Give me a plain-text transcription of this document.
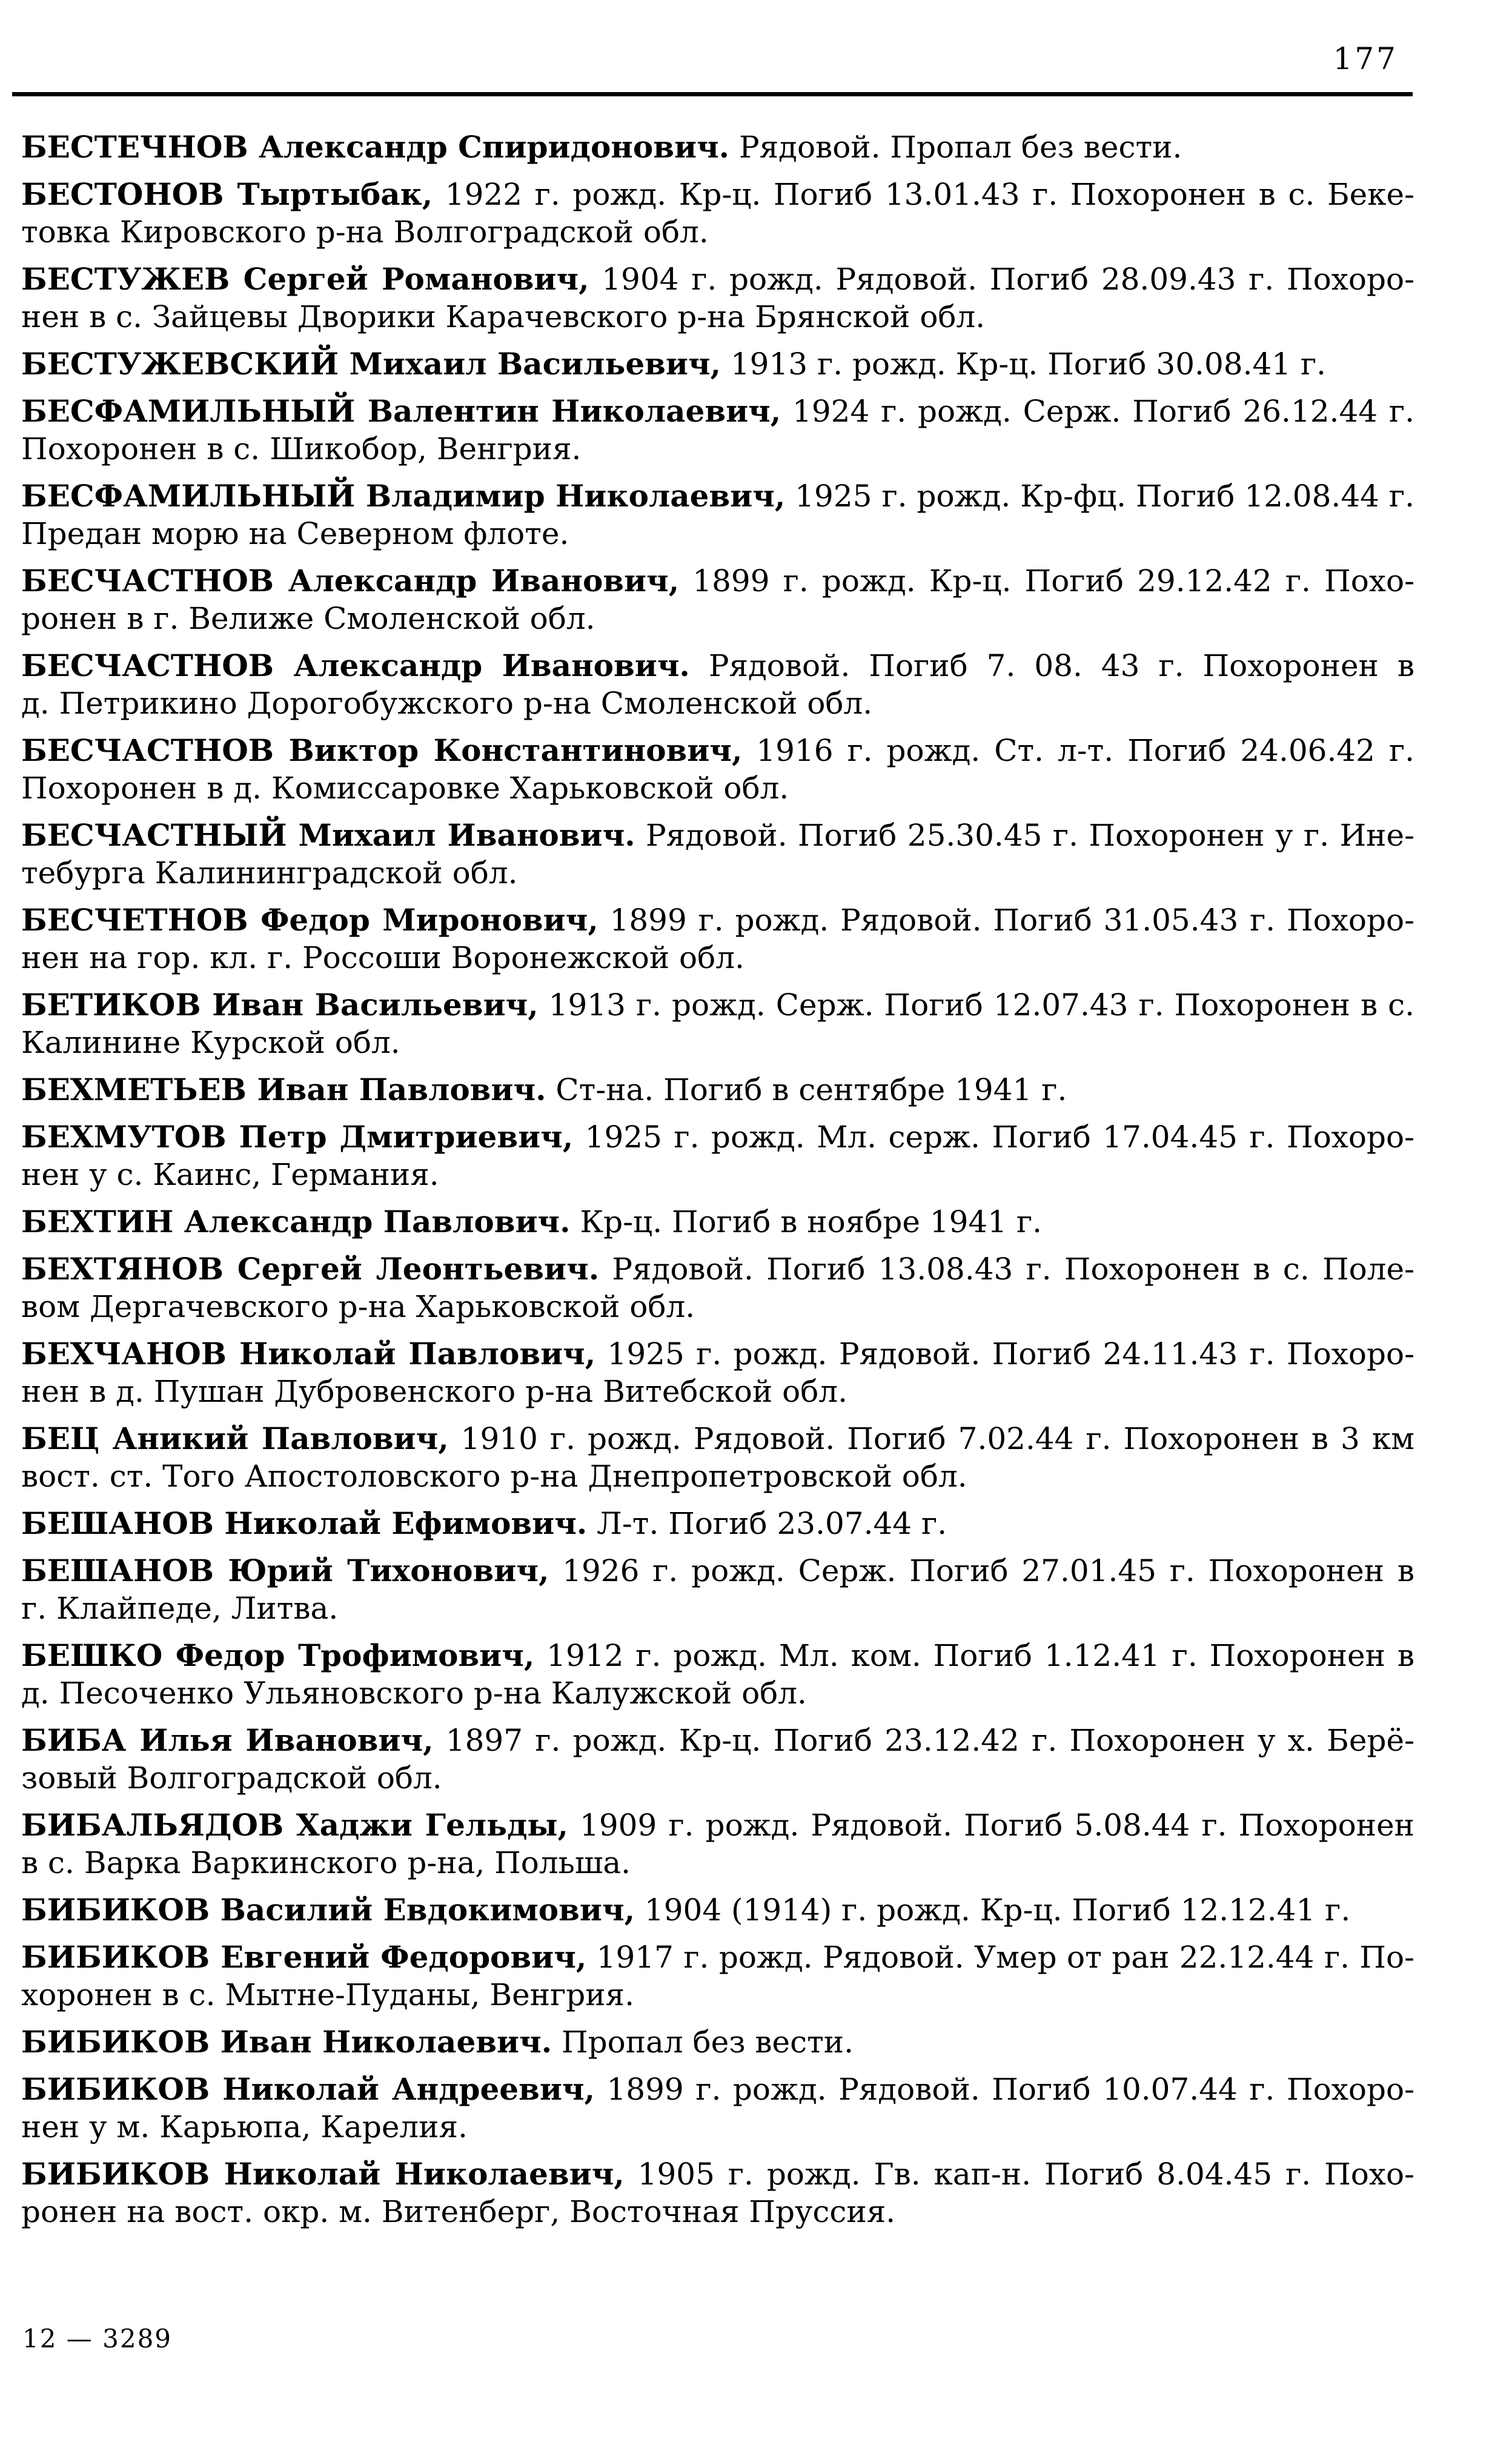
177

БЕСТЕЧНОВ Александр Спиридонович. Рядовой. Пропал без вести.

БЕСТОНОВ Тыртыбак, 1922 г. рожд. Кр-ц. Погиб 13.01.43 г. Похоронен в с. Беке-
товка Кировского р-на Волгоградской обл.

БЕСТУЖЕВ Сергей Романович, 1904 г. рожд. Рядовой. Погиб 28.09.43 г. Похоро-
нен в с. Зайцевы Дворики Карачевского р-на Брянской обл.

БЕСТУЖЕВСКИЙ Михаил Васильевич, 1913 г. рожд. Кр-ц. Погиб 30.08.41 г.

БЕСФАМИЛЬНЫЙ Валентин Николаевич, 1924 г. рожд. Серж. Погиб 26.12.44 г.
Похоронен в с. Шикобор, Венгрия.

БЕСФАМИЛЬНЫЙ Владимир Николаевич, 1925 г. рожд. Кр-фц. Погиб 12.08.44 г.
Предан морю на Северном флоте.

БЕСЧАСТНОВ Александр Иванович, 1899 г. рожд. Кр-ц. Погиб 29.12.42 г. Похо-
ронен в г. Велиже Смоленской обл.

БЕСЧАСТНОВ Александр Иванович. Рядовой. Погиб 7. 08. 43 г. Похоронен в
д. Петрикино Дорогобужского р-на Смоленской обл.

БЕСЧАСТНОВ Виктор Константинович, 1916 г. рожд. Ст. л-т. Погиб 24.06.42 г.
Похоронен в д. Комиссаровке Харьковской обл.

БЕСЧАСТНЫЙ Михаил Иванович. Рядовой. Погиб 25.30.45 г. Похоронен у г. Ине-
тебурга Калининградской обл.

БЕСЧЕТНОВ Федор Миронович, 1899 г. рожд. Рядовой. Погиб 31.05.43 г. Похоро-
нен на гор. кл. г. Россоши Воронежской обл.

БЕТИКОВ Иван Васильевич, 1913 г. рожд. Серж. Погиб 12.07.43 г. Похоронен в с.
Калинине Курской обл.

БЕХМЕТЬЕВ Иван Павлович. Ст-на. Погиб в сентябре 1941 г.

БЕХМУТОВ Петр Дмитриевич, 1925 г. рожд. Мл. серж. Погиб 17.04.45 г. Похоро-
нен у с. Каинс, Германия.

БЕХТИН Александр Павлович. Кр-ц. Погиб в ноябре 1941 г.

БЕХТЯНОВ Сергей Леонтьевич. Рядовой. Погиб 13.08.43 г. Похоронен в с. Поле-
вом Дергачевского р-на Харьковской обл.

БЕХЧАНОВ Николай Павлович, 1925 г. рожд. Рядовой. Погиб 24.11.43 г. Похоро-
нен в д. Пушан Дубровенского р-на Витебской обл.

БЕЦ Аникий Павлович, 1910 г. рожд. Рядовой. Погиб 7.02.44 г. Похоронен в 3 км
вост. ст. Того Апостоловского р-на Днепропетровской обл.

БЕШАНОВ Николай Ефимович. Л-т. Погиб 23.07.44 г.

БЕШАНОВ Юрий Тихонович, 1926 г. рожд. Серж. Погиб 27.01.45 г. Похоронен в
г. Клайпеде, Литва.

БЕШКО Федор Трофимович, 1912 г. рожд. Мл. ком. Погиб 1.12.41 г. Похоронен в
д. Песоченко Ульяновского р-на Калужской обл.

БИБА Илья Иванович, 1897 г. рожд. Кр-ц. Погиб 23.12.42 г. Похоронен у х. Берё-
зовый Волгоградской обл.

БИБАЛЬЯДОВ Хаджи Гельды, 1909 г. рожд. Рядовой. Погиб 5.08.44 г. Похоронен
в с. Варка Варкинского р-на, Польша.

БИБИКОВ Василий Евдокимович, 1904 (1914) г. рожд. Кр-ц. Погиб 12.12.41 г.

БИБИКОВ Евгений Федорович, 1917 г. рожд. Рядовой. Умер от ран 22.12.44 г. По-
хоронен в с. Мытне-Пуданы, Венгрия.

БИБИКОВ Иван Николаевич. Пропал без вести.

БИБИКОВ Николай Андреевич, 1899 г. рожд. Рядовой. Погиб 10.07.44 г. Похоро-
нен у м. Карьюпа, Карелия.

БИБИКОВ Николай Николаевич, 1905 г. рожд. Гв. кап-н. Погиб 8.04.45 г. Похо-
ронен на вост. окр. м. Витенберг, Восточная Пруссия.

12 — 3289
